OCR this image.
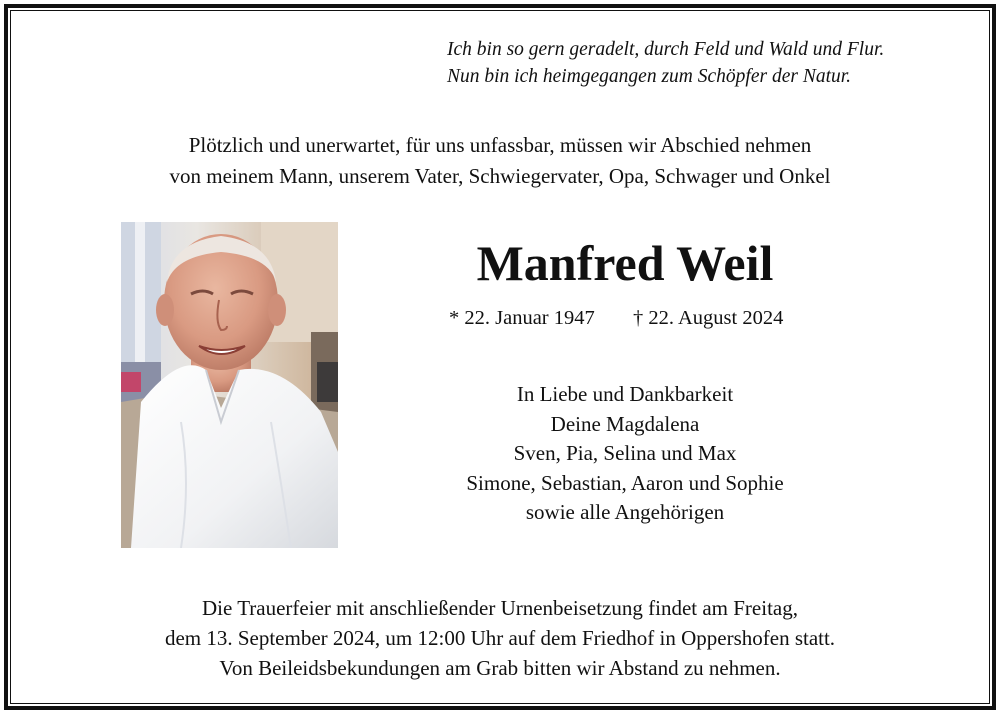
Ich bin so gern geradelt, durch Feld und Wald und Flur.
Nun bin ich heimgegangen zum Schöpfer der Natur.
Plötzlich und unerwartet, für uns unfassbar, müssen wir Abschied nehmen
von meinem Mann, unserem Vater, Schwiegervater, Opa, Schwager und Onkel
Manfred Weil
* 22. Januar 1947 † 22. August 2024
In Liebe und Dankbarkeit
Deine Magdalena
Sven, Pia, Selina und Max
Simone, Sebastian, Aaron und Sophie
sowie alle Angehörigen
Die Trauerfeier mit anschließender Urnenbeisetzung findet am Freitag,
dem 13. September 2024, um 12:00 Uhr auf dem Friedhof in Oppershofen statt.
Von Beileidsbekundungen am Grab bitten wir Abstand zu nehmen.
